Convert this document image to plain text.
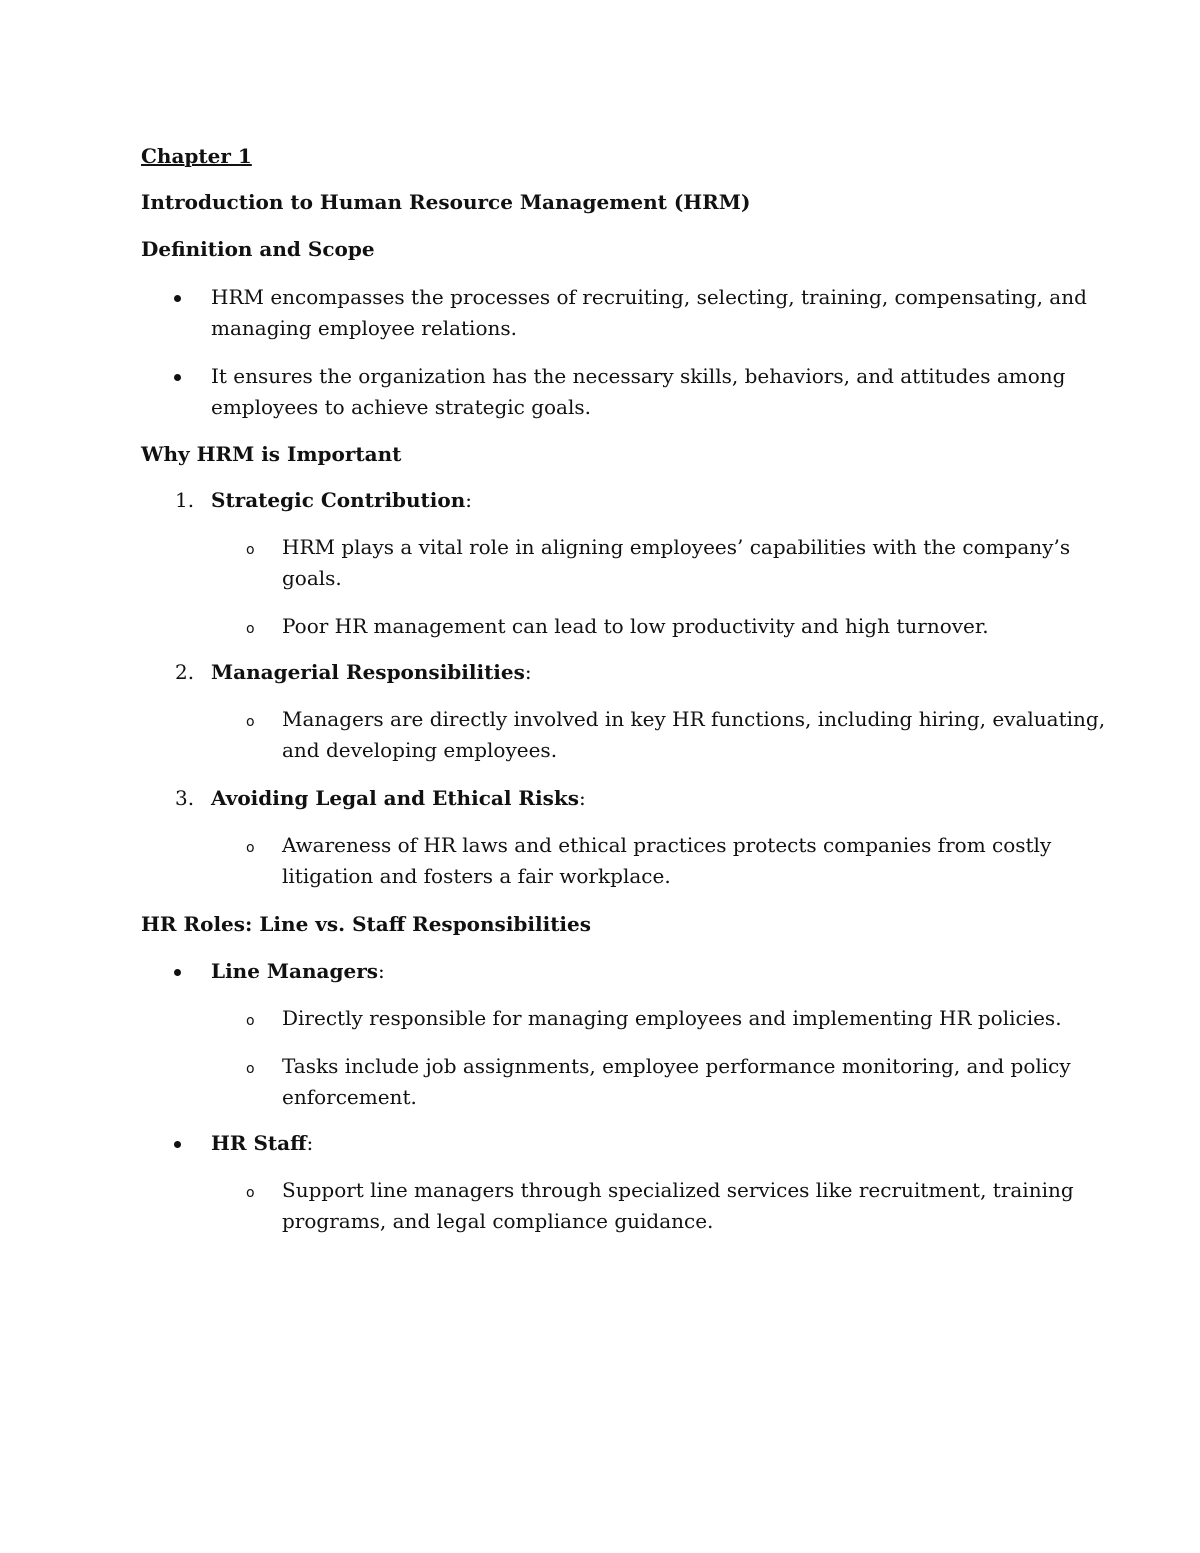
Chapter 1
Introduction to Human Resource Management (HRM)
Definition and Scope
HRM encompasses the processes of recruiting, selecting, training, compensating, and
managing employee relations.
It ensures the organization has the necessary skills, behaviors, and attitudes among
employees to achieve strategic goals.
Why HRM is Important
1. Strategic Contribution:
o HRM plays a vital role in aligning employees’ capabilities with the company’s
goals.
o Poor HR management can lead to low productivity and high turnover.
2. Managerial Responsibilities:
o Managers are directly involved in key HR functions, including hiring, evaluating,
and developing employees.
3. Avoiding Legal and Ethical Risks:
o Awareness of HR laws and ethical practices protects companies from costly
litigation and fosters a fair workplace.
HR Roles: Line vs. Staff Responsibilities
Line Managers:
o Directly responsible for managing employees and implementing HR policies.
o Tasks include job assignments, employee performance monitoring, and policy
enforcement.
HR Staff:
o Support line managers through specialized services like recruitment, training
programs, and legal compliance guidance.
